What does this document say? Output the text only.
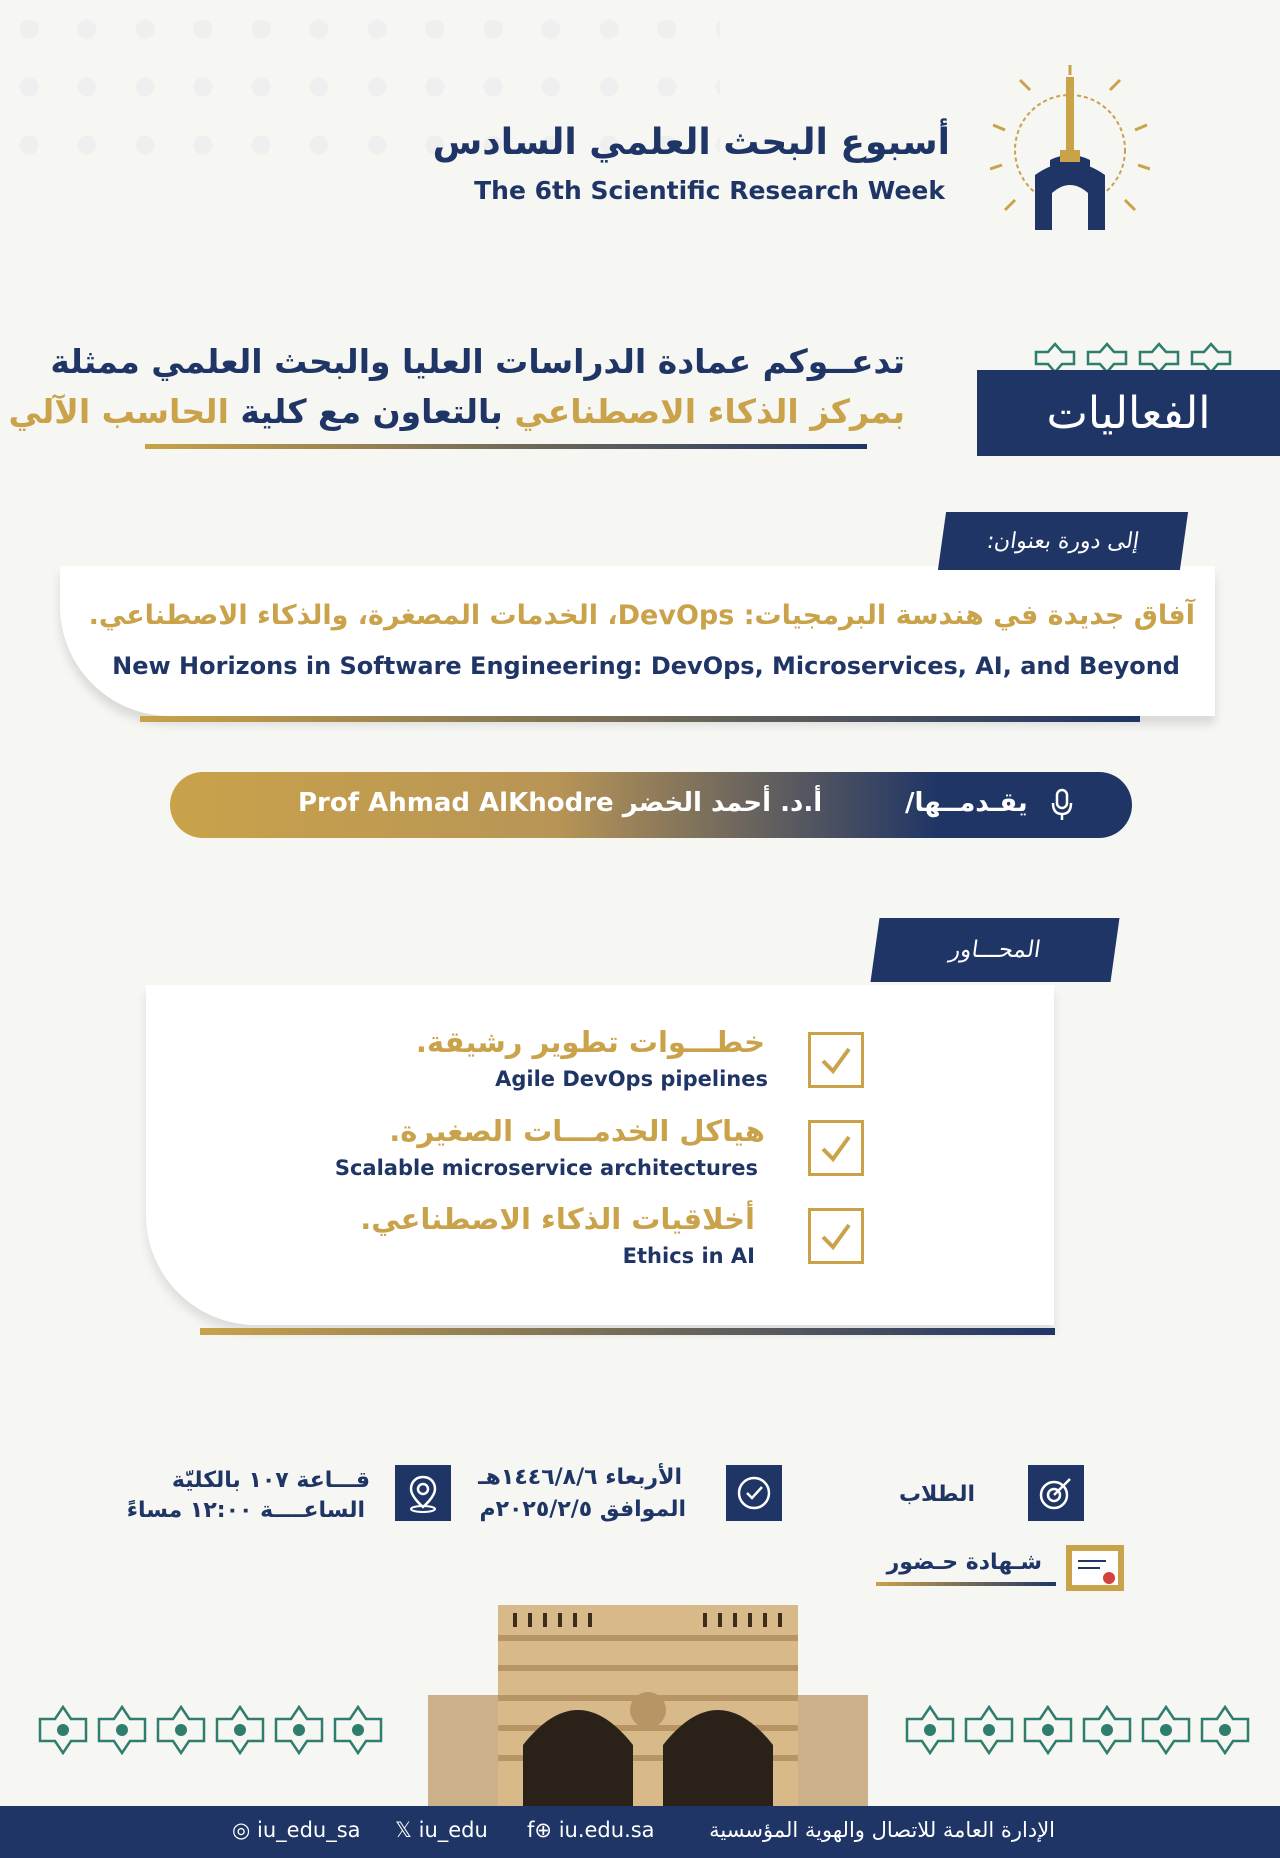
أسبوع البحث العلمي السادس
The 6th Scientific Research Week
الفعاليات
تدعــوكم عمادة الدراسات العليا والبحث العلمي ممثلة
بمركز الذكاء الاصطناعي بالتعاون مع كلية الحاسب الآلي
إلى دورة بعنوان:
آفاق جديدة في هندسة البرمجيات: DevOps، الخدمات المصغرة، والذكاء الاصطناعي.
New Horizons in Software Engineering: DevOps, Microservices, AI, and Beyond
Prof Ahmad AlKhodre أ.د. أحمد الخضر	يقـدمــها/
المحـــاور
خطـــوات تطوير رشيقة.
Agile DevOps pipelines
هياكل الخدمـــات الصغيرة.
Scalable microservice architectures
أخلاقيات الذكاء الاصطناعي.
Ethics in AI
قـــاعة ١٠٧ بالكليّة
الساعــــة ١٢:٠٠ مساءً
الأربعاء ١٤٤٦/٨/٦هـ
الموافق ٢٠٢٥/٢/٥م
الطلاب
شـهادة حـضور
◎ iu_edu_sa 𝕏 iu_edu f⊕ iu.edu.sa	الإدارة العامة للاتصال والهوية المؤسسية
